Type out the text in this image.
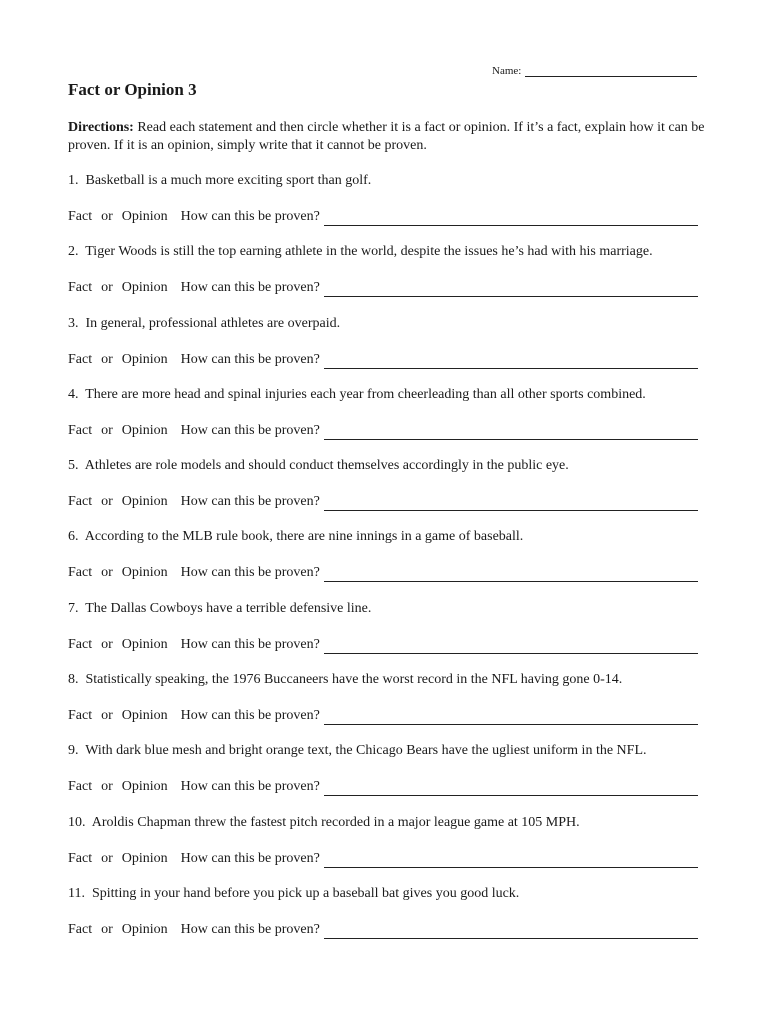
Name:
Fact or Opinion 3

Directions: Read each statement and then circle whether it is a fact or opinion. If it’s a fact, explain how it can be proven. If it is an opinion, simply write that it cannot be proven.

1. Basketball is a much more exciting sport than golf.
Fact or Opinion How can this be proven?
2. Tiger Woods is still the top earning athlete in the world, despite the issues he’s had with his marriage.
Fact or Opinion How can this be proven?
3. In general, professional athletes are overpaid.
Fact or Opinion How can this be proven?
4. There are more head and spinal injuries each year from cheerleading than all other sports combined.
Fact or Opinion How can this be proven?
5. Athletes are role models and should conduct themselves accordingly in the public eye.
Fact or Opinion How can this be proven?
6. According to the MLB rule book, there are nine innings in a game of baseball.
Fact or Opinion How can this be proven?
7. The Dallas Cowboys have a terrible defensive line.
Fact or Opinion How can this be proven?
8. Statistically speaking, the 1976 Buccaneers have the worst record in the NFL having gone 0-14.
Fact or Opinion How can this be proven?
9. With dark blue mesh and bright orange text, the Chicago Bears have the ugliest uniform in the NFL.
Fact or Opinion How can this be proven?
10. Aroldis Chapman threw the fastest pitch recorded in a major league game at 105 MPH.
Fact or Opinion How can this be proven?
11. Spitting in your hand before you pick up a baseball bat gives you good luck.
Fact or Opinion How can this be proven?
